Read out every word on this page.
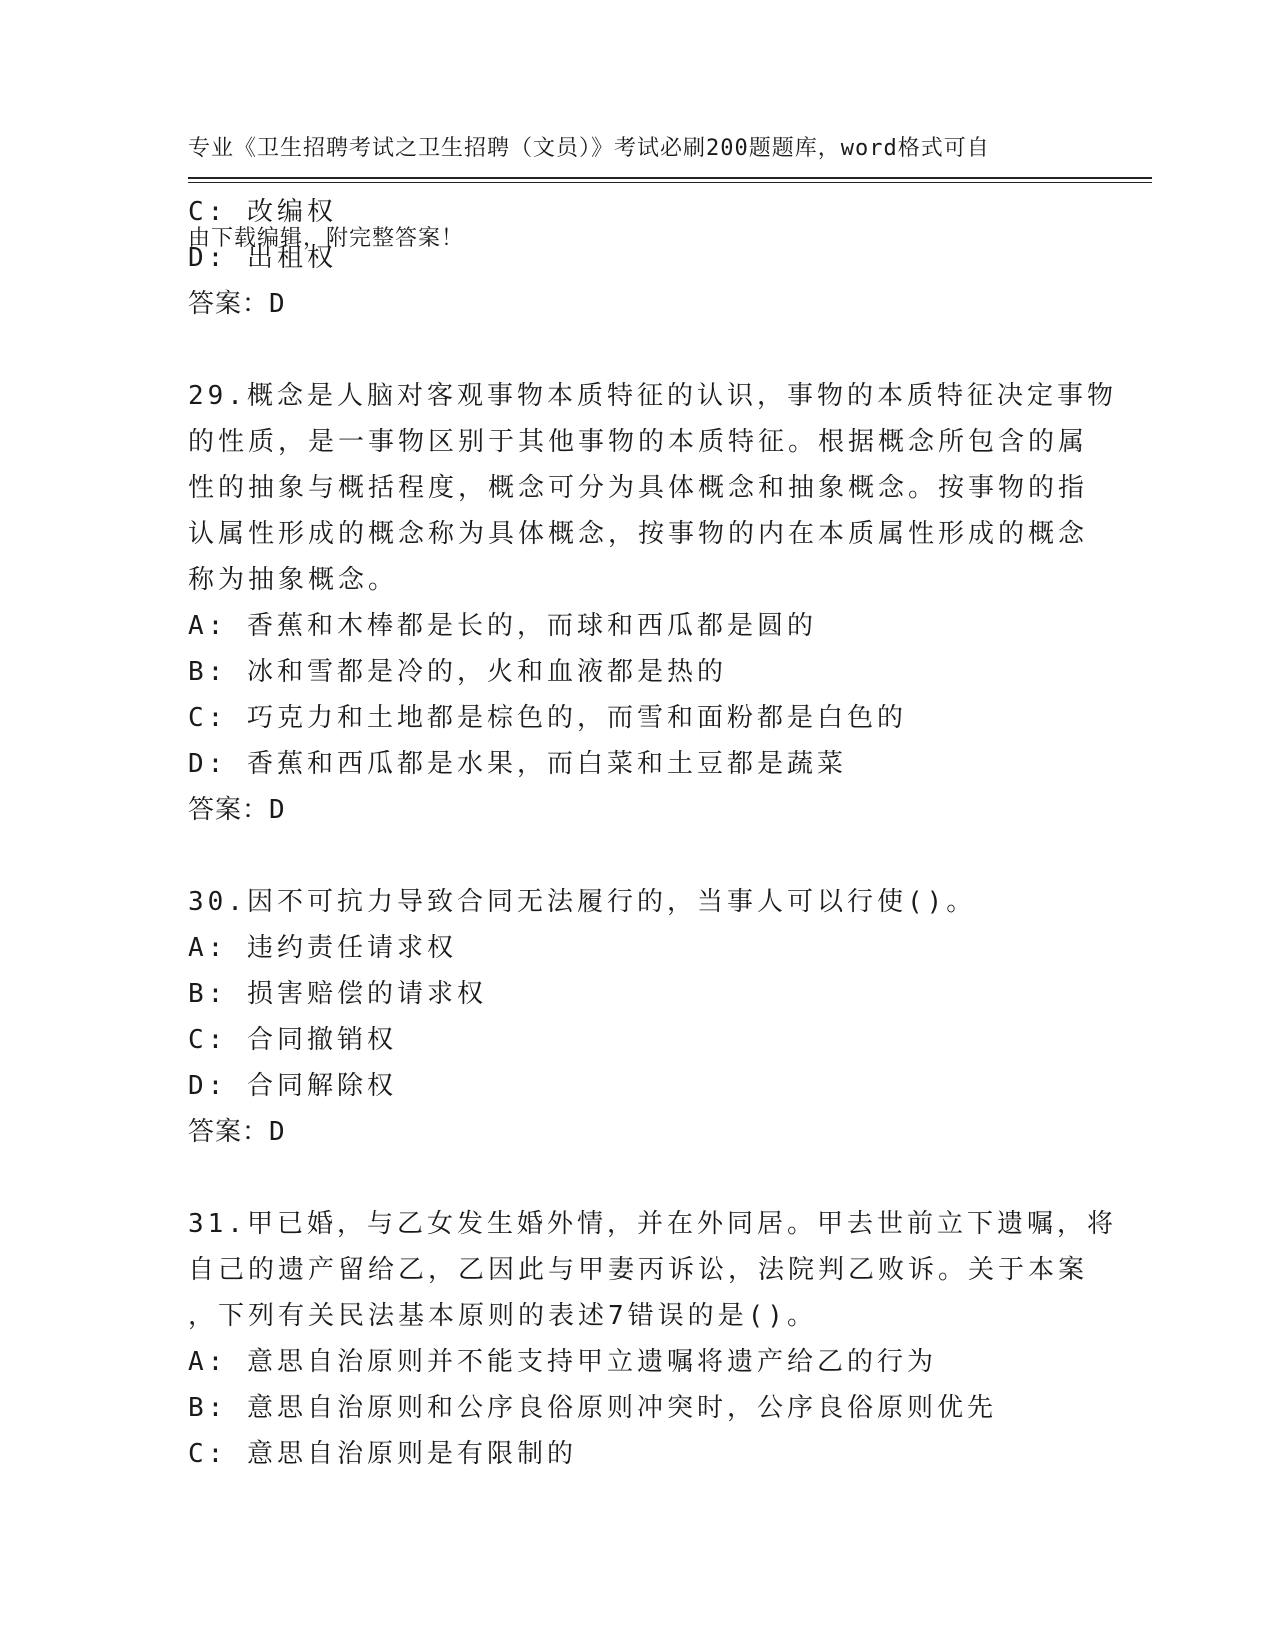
专业《卫生招聘考试之卫生招聘（文员）》考试必刷200题题库，word格式可自

由下载编辑，附完整答案！

C: 改编权
D: 出租权
答案：D
29.概念是人脑对客观事物本质特征的认识，事物的本质特征决定事物
的性质，是一事物区别于其他事物的本质特征。根据概念所包含的属
性的抽象与概括程度，概念可分为具体概念和抽象概念。按事物的指
认属性形成的概念称为具体概念，按事物的内在本质属性形成的概念
称为抽象概念。
A: 香蕉和木棒都是长的，而球和西瓜都是圆的
B: 冰和雪都是冷的，火和血液都是热的
C: 巧克力和土地都是棕色的，而雪和面粉都是白色的
D: 香蕉和西瓜都是水果，而白菜和土豆都是蔬菜
答案：D
30.因不可抗力导致合同无法履行的，当事人可以行使()。
A: 违约责任请求权
B: 损害赔偿的请求权
C: 合同撤销权
D: 合同解除权
答案：D
31.甲已婚，与乙女发生婚外情，并在外同居。甲去世前立下遗嘱，将
自己的遗产留给乙，乙因此与甲妻丙诉讼，法院判乙败诉。关于本案
，下列有关民法基本原则的表述7错误的是()。
A: 意思自治原则并不能支持甲立遗嘱将遗产给乙的行为
B: 意思自治原则和公序良俗原则冲突时，公序良俗原则优先
C: 意思自治原则是有限制的
